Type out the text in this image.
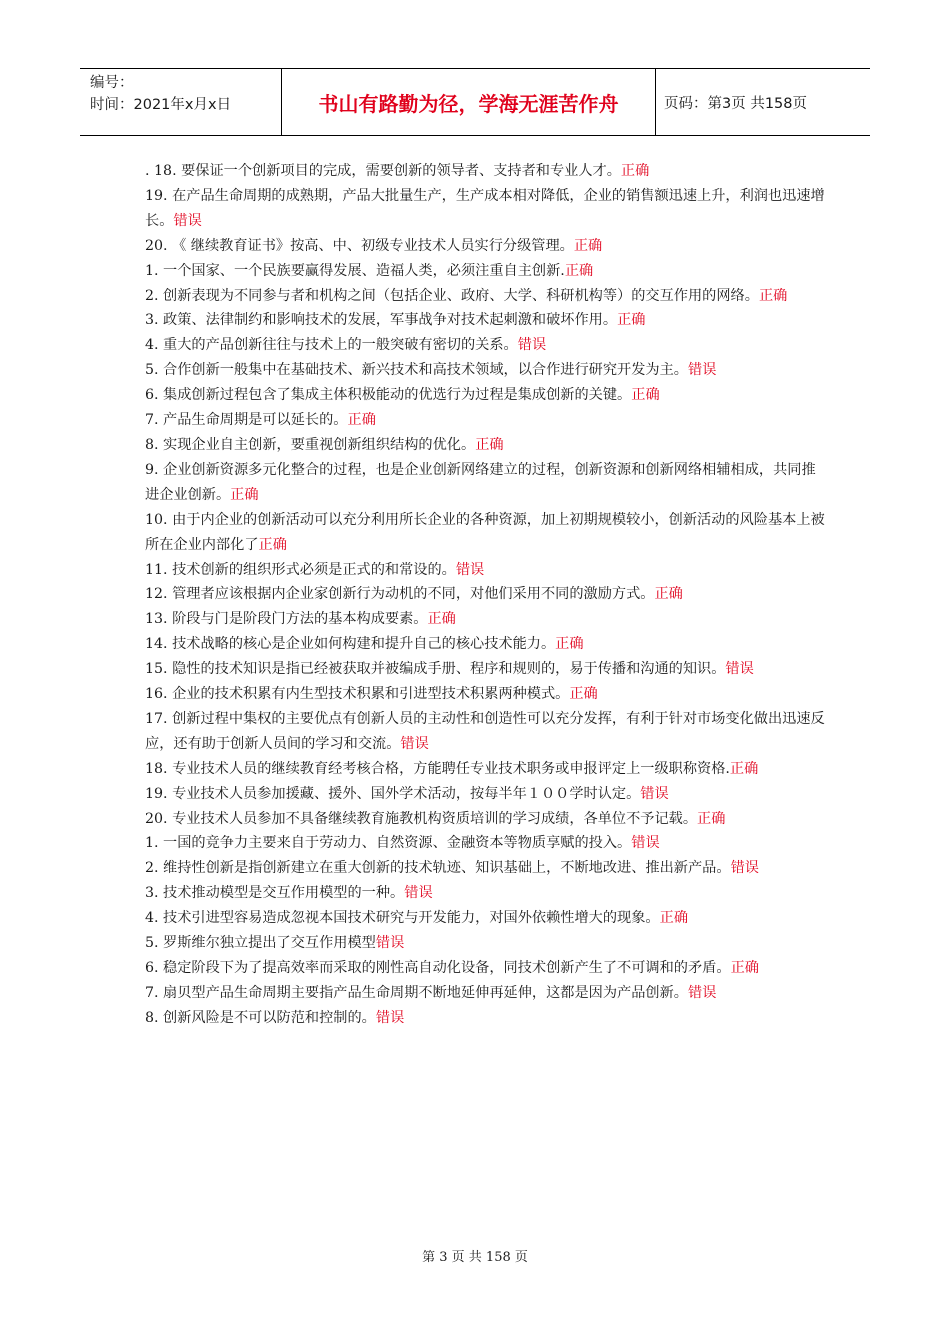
编号：
时间：2021年x月x日	书山有路勤为径，学海无涯苦作舟	页码：第3页 共158页

. 18. 要保证一个创新项目的完成，需要创新的领导者、支持者和专业人才。正确

19. 在产品生命周期的成熟期，产品大批量生产，生产成本相对降低，企业的销售额迅速上升，利润也迅速增长。错误

20. 《 继续教育证书》按高、中、初级专业技术人员实行分级管理。正确

1. 一个国家、一个民族要赢得发展、造福人类，必须注重自主创新.正确

2. 创新表现为不同参与者和机构之间（包括企业、政府、大学、科研机构等）的交互作用的网络。正确

3. 政策、法律制约和影响技术的发展，军事战争对技术起刺激和破坏作用。正确

4. 重大的产品创新往往与技术上的一般突破有密切的关系。错误

5. 合作创新一般集中在基础技术、新兴技术和高技术领域，以合作进行研究开发为主。错误

6. 集成创新过程包含了集成主体积极能动的优选行为过程是集成创新的关键。正确

7. 产品生命周期是可以延长的。正确

8. 实现企业自主创新，要重视创新组织结构的优化。正确

9. 企业创新资源多元化整合的过程，也是企业创新网络建立的过程，创新资源和创新网络相辅相成，共同推进企业创新。正确

10. 由于内企业的创新活动可以充分利用所长企业的各种资源，加上初期规模较小，创新活动的风险基本上被所在企业内部化了正确

11. 技术创新的组织形式必须是正式的和常设的。错误

12. 管理者应该根据内企业家创新行为动机的不同，对他们采用不同的激励方式。正确

13. 阶段与门是阶段门方法的基本构成要素。正确

14. 技术战略的核心是企业如何构建和提升自己的核心技术能力。正确

15. 隐性的技术知识是指已经被获取并被编成手册、程序和规则的，易于传播和沟通的知识。错误

16. 企业的技术积累有内生型技术积累和引进型技术积累两种模式。正确

17. 创新过程中集权的主要优点有创新人员的主动性和创造性可以充分发挥，有利于针对市场变化做出迅速反应，还有助于创新人员间的学习和交流。错误

18. 专业技术人员的继续教育经考核合格，方能聘任专业技术职务或申报评定上一级职称资格.正确

19. 专业技术人员参加援藏、援外、国外学术活动，按每半年１００学时认定。错误

20. 专业技术人员参加不具备继续教育施教机构资质培训的学习成绩，各单位不予记载。正确

1. 一国的竞争力主要来自于劳动力、自然资源、金融资本等物质享赋的投入。错误

2. 维持性创新是指创新建立在重大创新的技术轨迹、知识基础上，不断地改进、推出新产品。错误

3. 技术推动模型是交互作用模型的一种。错误

4. 技术引进型容易造成忽视本国技术研究与开发能力，对国外依赖性增大的现象。正确

5. 罗斯维尔独立提出了交互作用模型错误

6. 稳定阶段下为了提高效率而采取的刚性高自动化设备，同技术创新产生了不可调和的矛盾。正确

7. 扇贝型产品生命周期主要指产品生命周期不断地延伸再延伸，这都是因为产品创新。错误

8. 创新风险是不可以防范和控制的。错误

第 3 页 共 158 页
